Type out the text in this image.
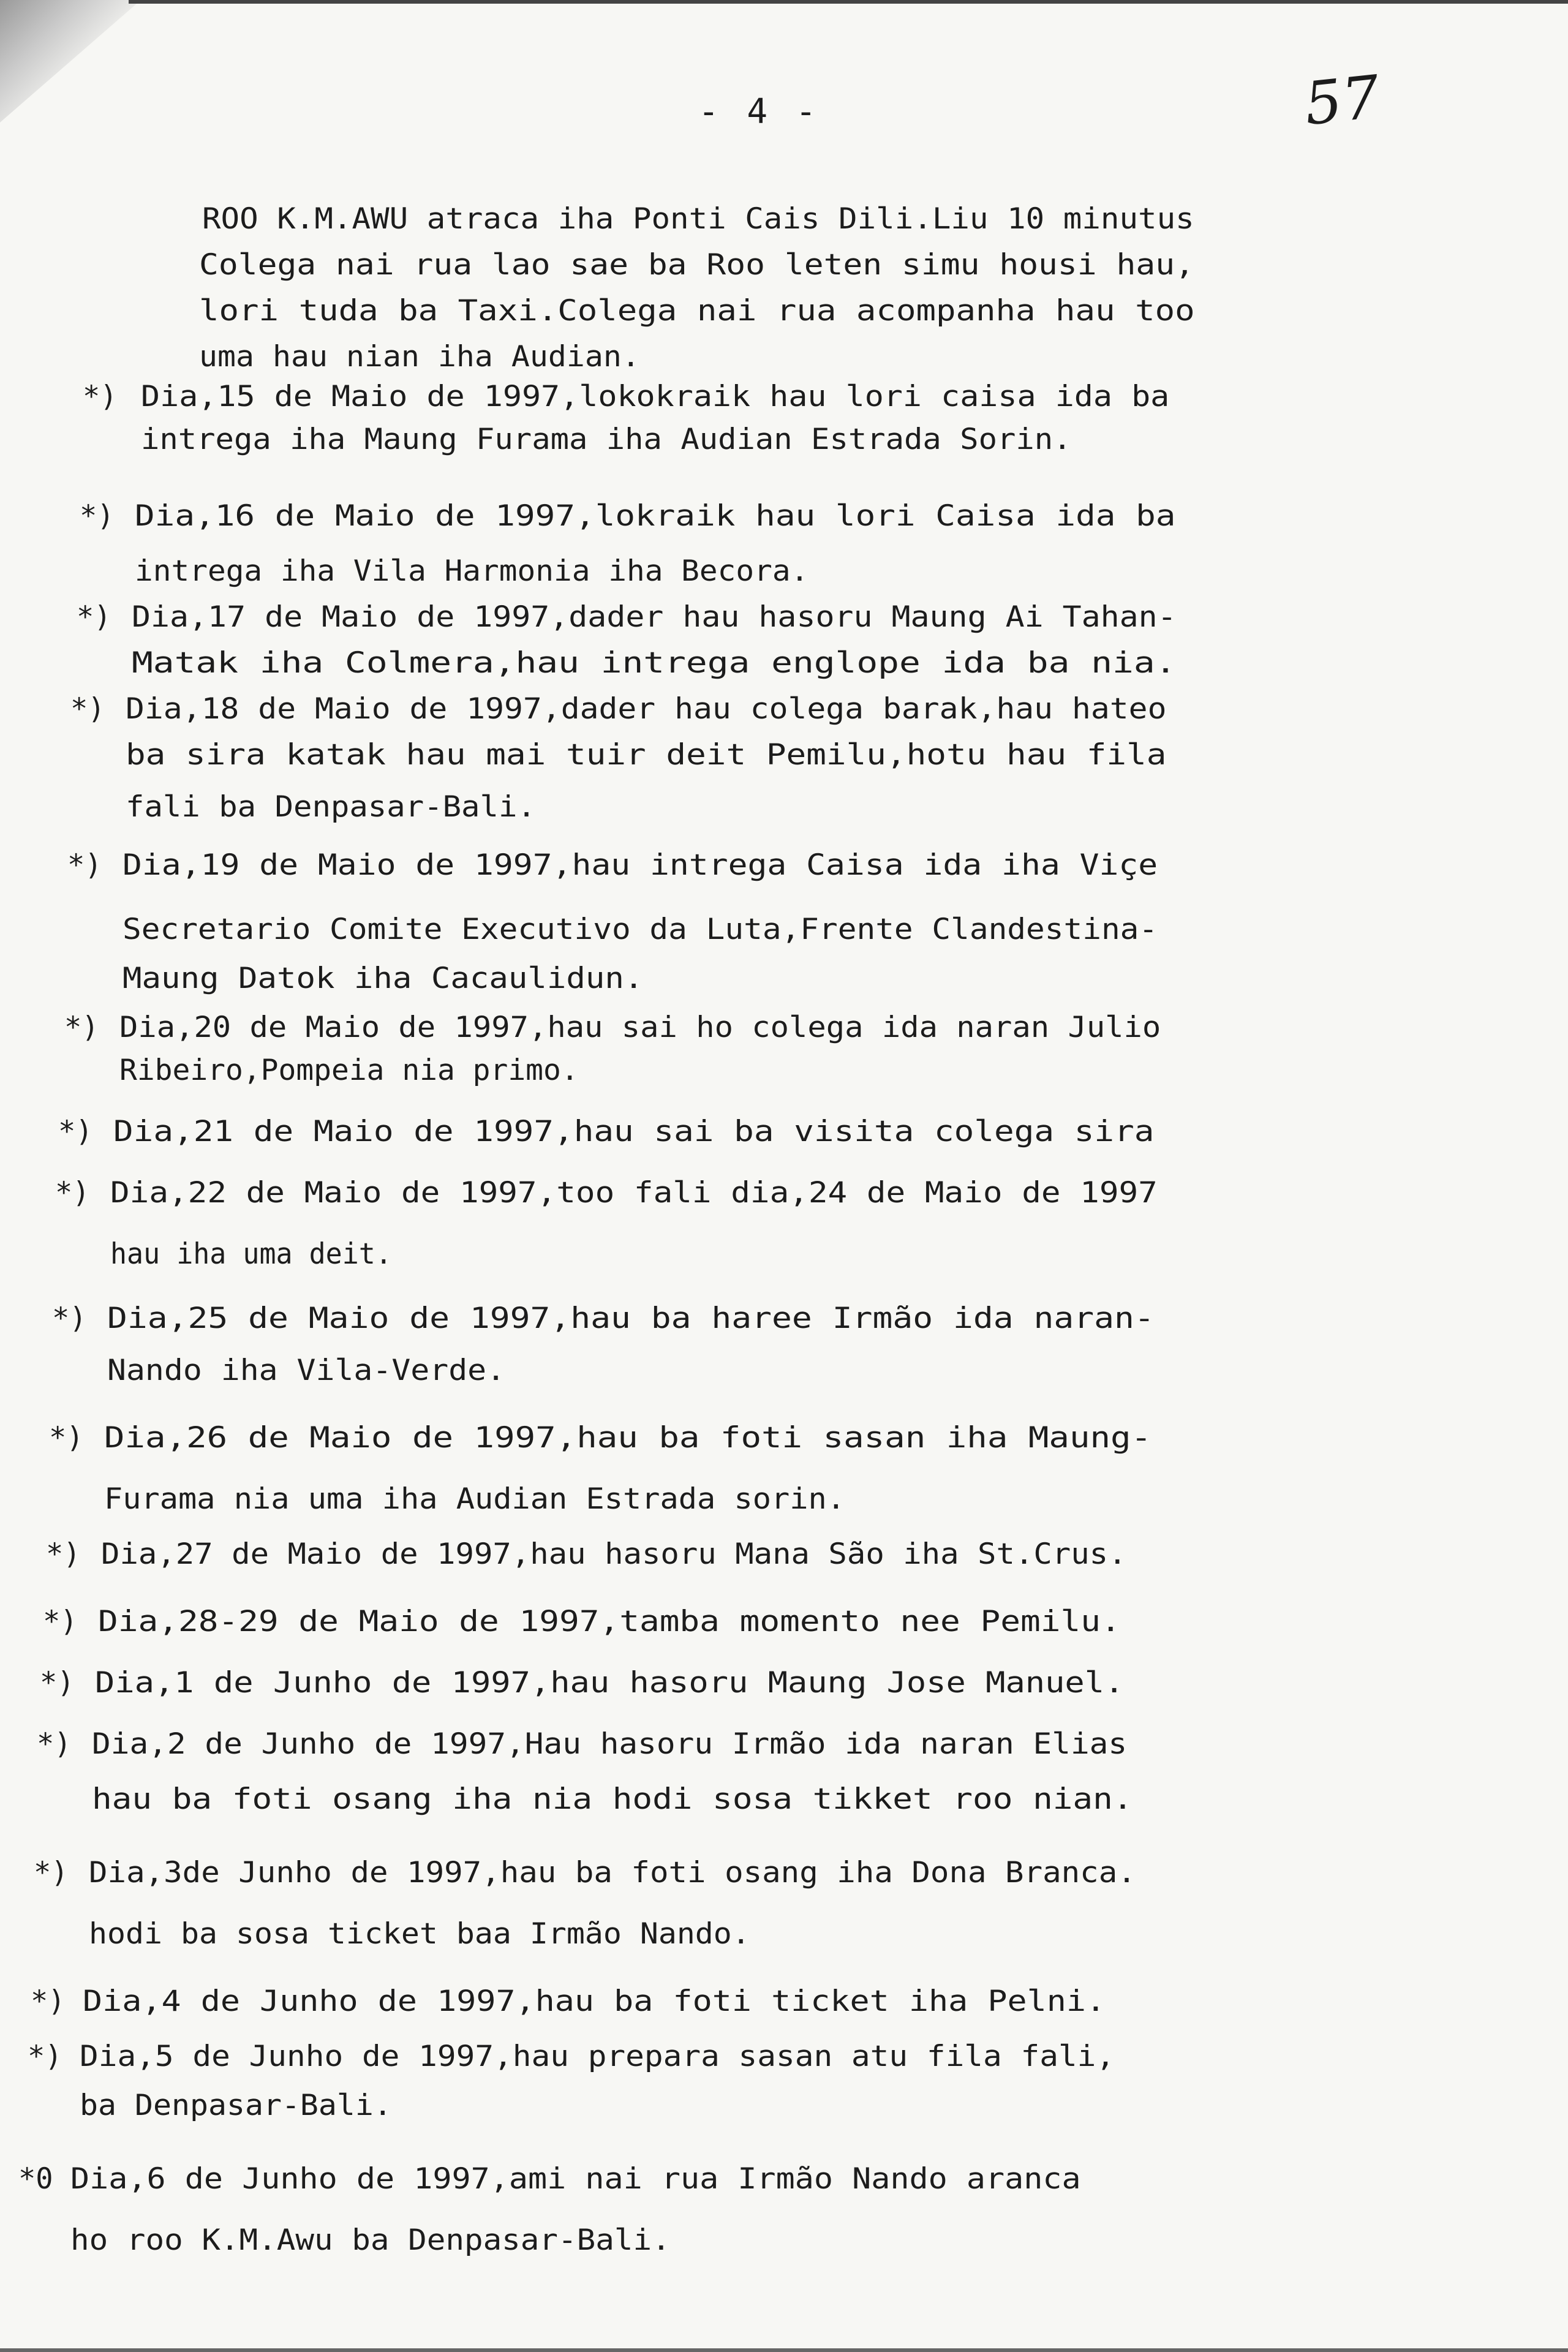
- 4 -	57
ROO K.M.AWU atraca iha Ponti Cais Dili.Liu 10 minutus
Colega nai rua lao sae ba Roo leten simu housi hau,
lori tuda ba Taxi.Colega nai rua acompanha hau too
uma hau nian iha Audian.
*) Dia,15 de Maio de 1997,lokokraik hau lori caisa ida ba
intrega iha Maung Furama iha Audian Estrada Sorin.
*) Dia,16 de Maio de 1997,lokraik hau lori Caisa ida ba
intrega iha Vila Harmonia iha Becora.
*) Dia,17 de Maio de 1997,dader hau hasoru Maung Ai Tahan-
Matak iha Colmera,hau intrega englope ida ba nia.
*) Dia,18 de Maio de 1997,dader hau colega barak,hau hateo
ba sira katak hau mai tuir deit Pemilu,hotu hau fila
fali ba Denpasar-Bali.
*) Dia,19 de Maio de 1997,hau intrega Caisa ida iha Viçe
Secretario Comite Executivo da Luta,Frente Clandestina-
Maung Datok iha Cacaulidun.
*) Dia,20 de Maio de 1997,hau sai ho colega ida naran Julio
Ribeiro,Pompeia nia primo.
*) Dia,21 de Maio de 1997,hau sai ba visita colega sira
*) Dia,22 de Maio de 1997,too fali dia,24 de Maio de 1997
hau iha uma deit.
*) Dia,25 de Maio de 1997,hau ba haree Irmão ida naran-
Nando iha Vila-Verde.
*) Dia,26 de Maio de 1997,hau ba foti sasan iha Maung-
Furama nia uma iha Audian Estrada sorin.
*) Dia,27 de Maio de 1997,hau hasoru Mana São iha St.Crus.
*) Dia,28-29 de Maio de 1997,tamba momento nee Pemilu.
*) Dia,1 de Junho de 1997,hau hasoru Maung Jose Manuel.
*) Dia,2 de Junho de 1997,Hau hasoru Irmão ida naran Elias
hau ba foti osang iha nia hodi sosa tikket roo nian.
*) Dia,3de Junho de 1997,hau ba foti osang iha Dona Branca.
hodi ba sosa ticket baa Irmão Nando.
*) Dia,4 de Junho de 1997,hau ba foti ticket iha Pelni.
*) Dia,5 de Junho de 1997,hau prepara sasan atu fila fali,
ba Denpasar-Bali.
*0 Dia,6 de Junho de 1997,ami nai rua Irmão Nando aranca
ho roo K.M.Awu ba Denpasar-Bali.
